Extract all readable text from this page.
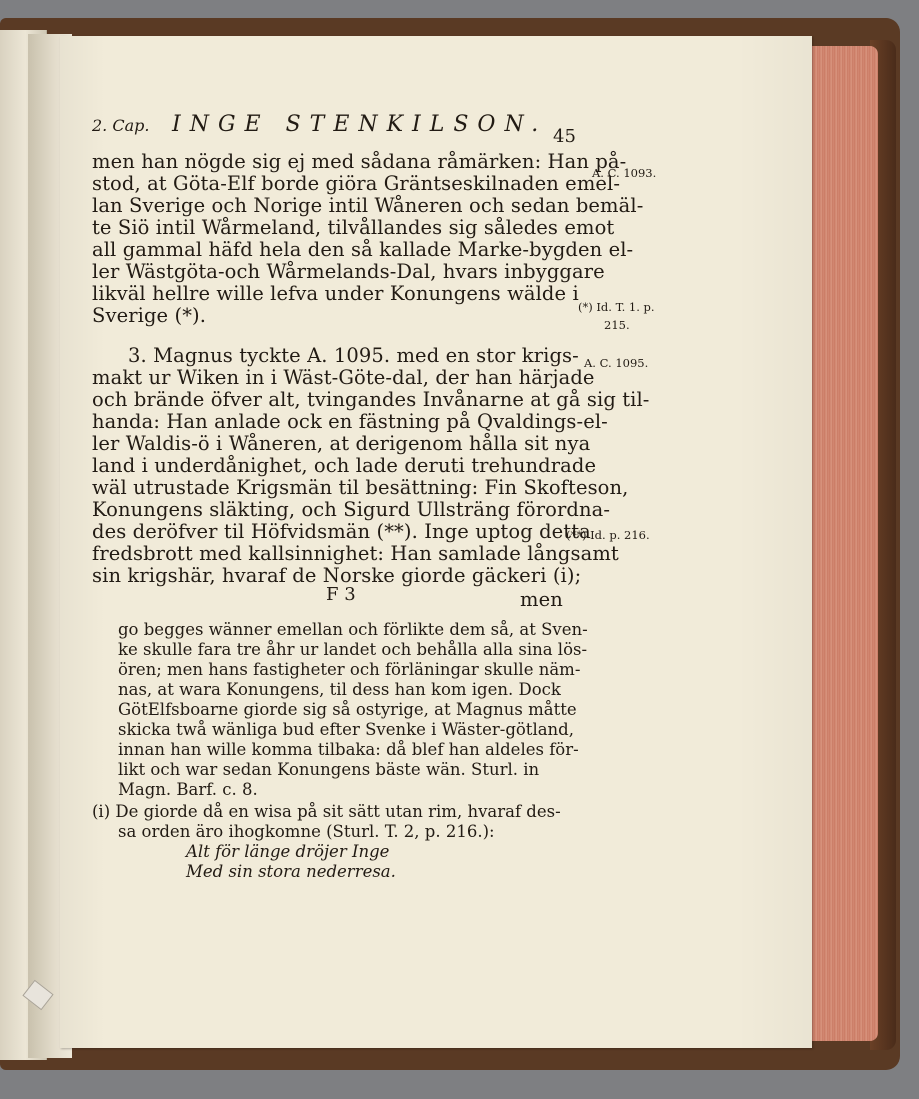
2. Cap. INGE STENKILSON. 45
men han nögde sig ej med sådana råmärken: Han på-
stod, at Göta-Elf borde giöra Gräntseskilnaden emel-
lan Sverige och Norige intil Wåneren och sedan bemäl-
te Siö intil Wårmeland, tilvållandes sig således emot
all gammal häfd hela den så kallade Marke-bygden el-
ler Wästgöta-och Wårmelands-Dal, hvars inbyggare
likväl hellre wille lefva under Konungens wälde i
Sverige (*).
3. Magnus tyckte A. 1095. med en stor krigs-
makt ur Wiken in i Wäst-Göte-dal, der han härjade
och brände öfver alt, tvingandes Invånarne at gå sig til-
handa: Han anlade ock en fästning på Qvaldings-el-
ler Waldis-ö i Wåneren, at derigenom hålla sit nya
land i underdånighet, och lade deruti trehundrade
wäl utrustade Krigsmän til besättning: Fin Skofteson,
Konungens släkting, och Sigurd Ullsträng förordna-
des deröfver til Höfvidsmän (**). Inge uptog detta
fredsbrott med kallsinnighet: Han samlade långsamt
sin krigshär, hvaraf de Norske giorde gäckeri (i);
F 3	men
go begges wänner emellan och förlikte dem så, at Sven-
ke skulle fara tre åhr ur landet och behålla alla sina lös-
ören; men hans fastigheter och förläningar skulle näm-
nas, at wara Konungens, til dess han kom igen. Dock
GötElfsboarne giorde sig så ostyrige, at Magnus måtte
skicka twå wänliga bud efter Svenke i Wäster-götland,
innan han wille komma tilbaka: då blef han aldeles för-
likt och war sedan Konungens bäste wän. Sturl. in
Magn. Barf. c. 8.
(i) De giorde då en wisa på sit sätt utan rim, hvaraf des-
sa orden äro ihogkomne (Sturl. T. 2, p. 216.):
Alt för länge dröjer Inge
Med sin stora nederresa.
A. C. 1093.
(*) Id. T. 1. p.
215.
A. C. 1095.
(**) Id. p. 216.
